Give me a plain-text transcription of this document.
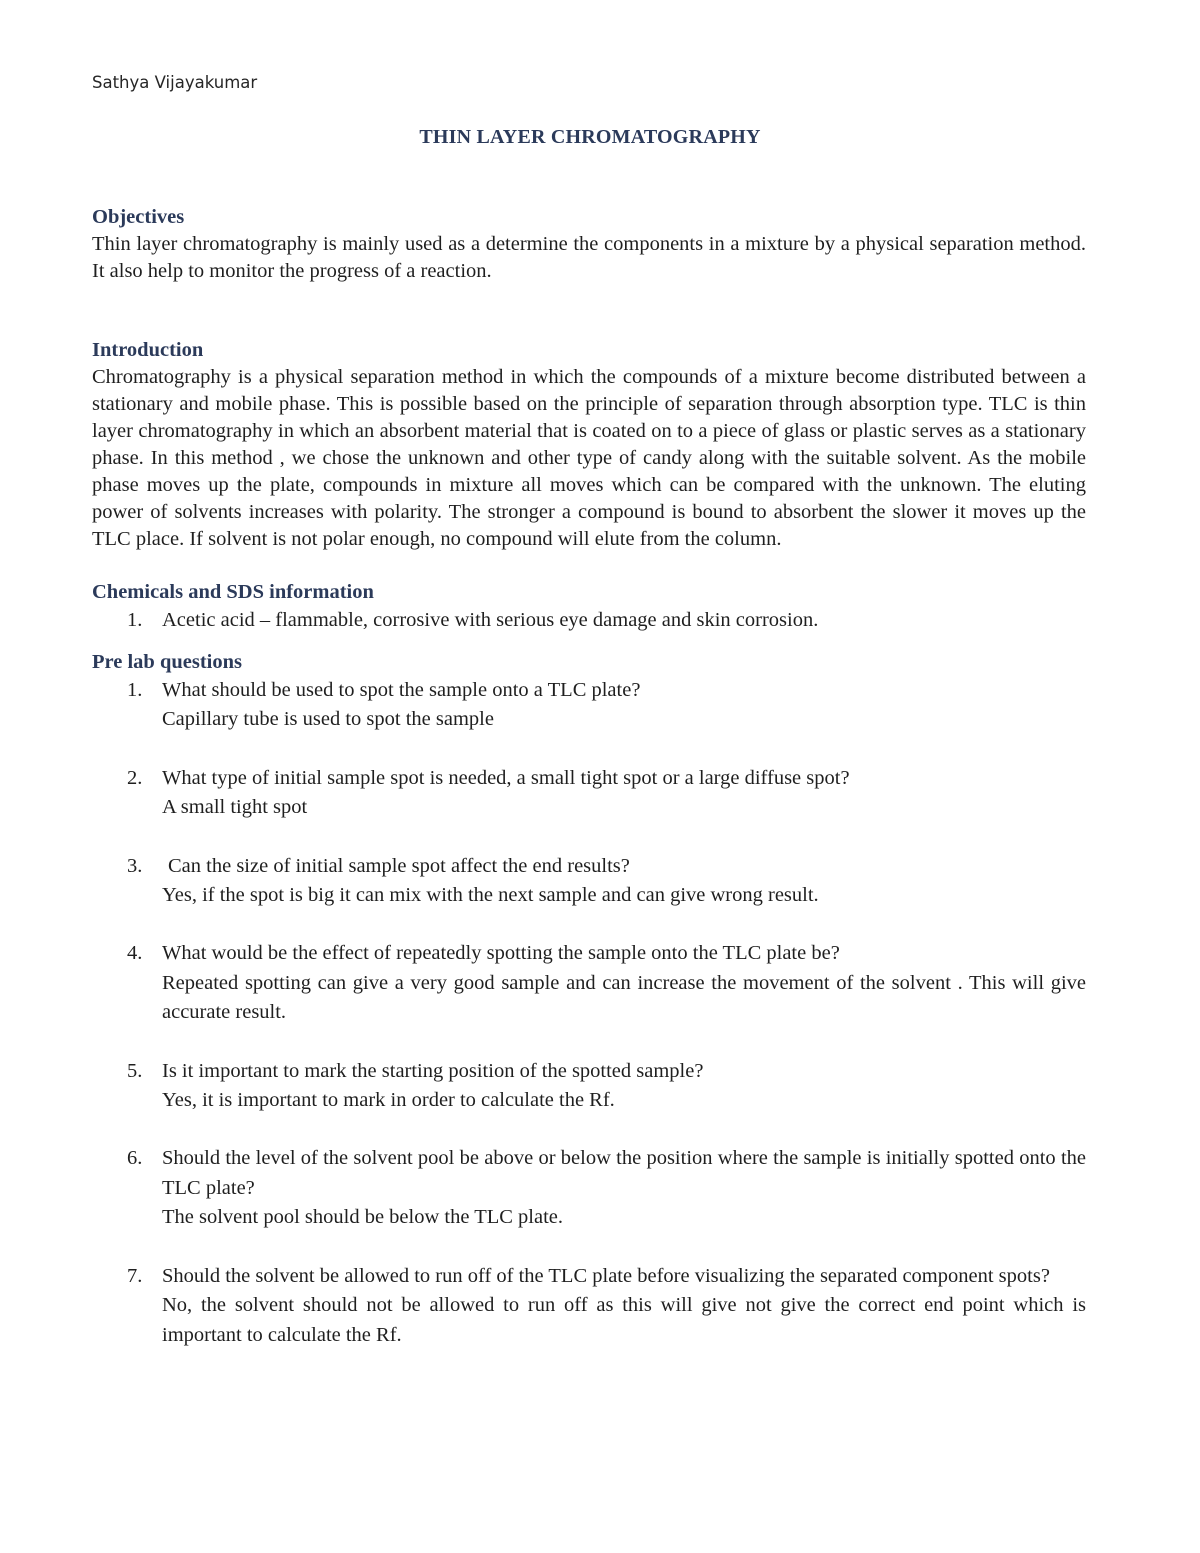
Sathya Vijayakumar
THIN LAYER CHROMATOGRAPHY
Objectives

Thin layer chromatography is mainly used as a determine the components in a mixture by a physical separation method. It also help to monitor the progress of a reaction.

Introduction

Chromatography is a physical separation method in which the compounds of a mixture become distributed between a stationary and mobile phase. This is possible based on the principle of separation through absorption type. TLC is thin layer chromatography in which an absorbent material that is coated on to a piece of glass or plastic serves as a stationary phase. In this method , we chose the unknown and other type of candy along with the suitable solvent. As the mobile phase moves up the plate, compounds in mixture all moves which can be compared with the unknown. The eluting power of solvents increases with polarity. The stronger a compound is bound to absorbent the slower it moves up the TLC place. If solvent is not polar enough, no compound will elute from the column.

Chemicals and SDS information
1. Acetic acid – flammable, corrosive with serious eye damage and skin corrosion.
Pre lab questions
1. What should be used to spot the sample onto a TLC plate?
Capillary tube is used to spot the sample
2. What type of initial sample spot is needed, a small tight spot or a large diffuse spot?
A small tight spot
3. Can the size of initial sample spot affect the end results?
Yes, if the spot is big it can mix with the next sample and can give wrong result.
4. What would be the effect of repeatedly spotting the sample onto the TLC plate be?
Repeated spotting can give a very good sample and can increase the movement of the solvent . This will give accurate result.
5. Is it important to mark the starting position of the spotted sample?
Yes, it is important to mark in order to calculate the Rf.
6. Should the level of the solvent pool be above or below the position where the sample is initially spotted onto the TLC plate?
The solvent pool should be below the TLC plate.
7. Should the solvent be allowed to run off of the TLC plate before visualizing the separated component spots?
No, the solvent should not be allowed to run off as this will give not give the correct end point which is important to calculate the Rf.
